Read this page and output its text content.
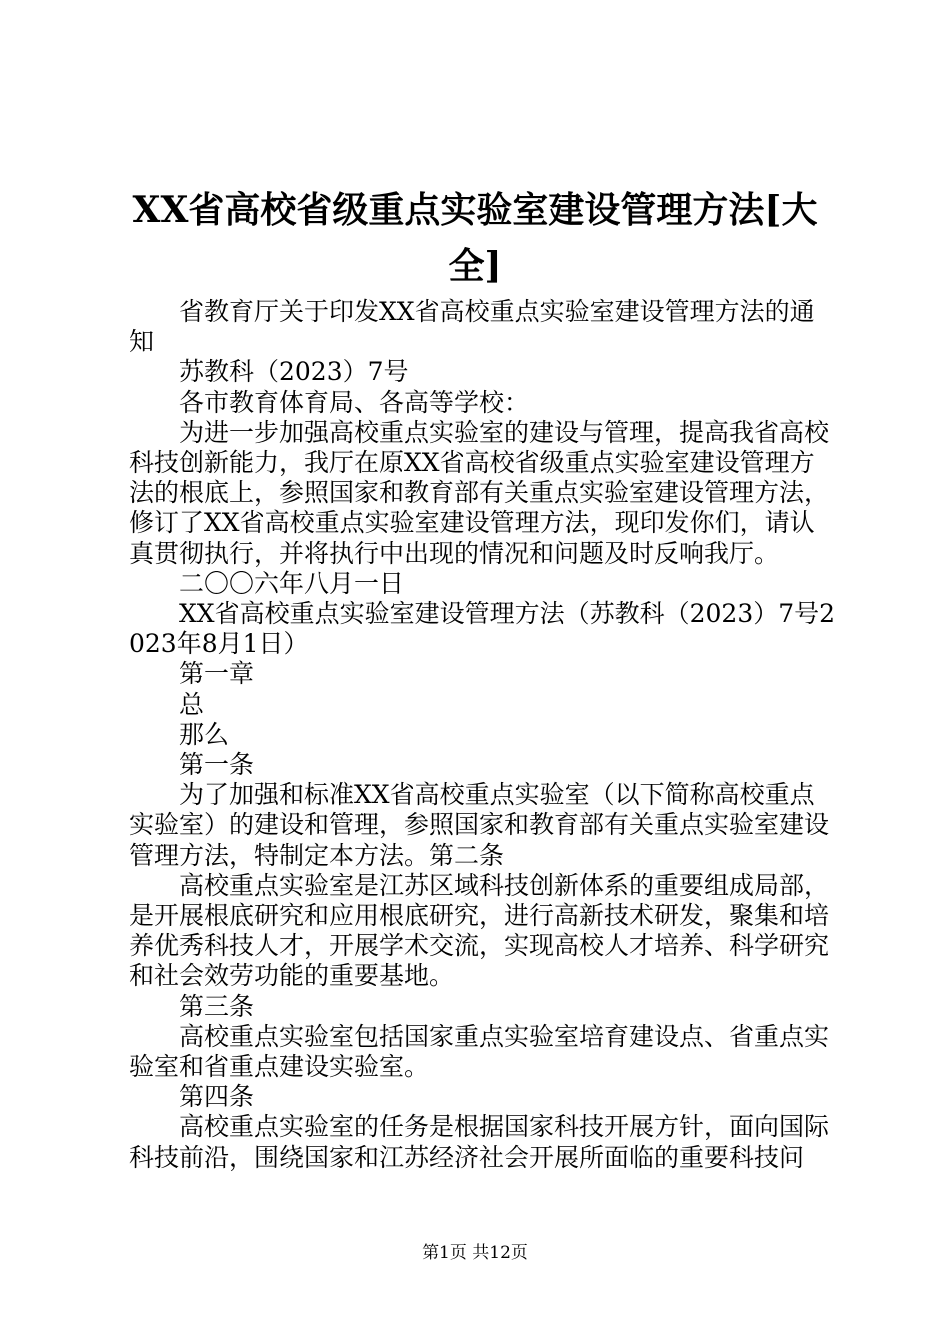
XX省高校省级重点实验室建设管理方法[大
全]

省教育厅关于印发XX省高校重点实验室建设管理方法的通知

苏教科（2023）7号

各市教育体育局、各高等学校：

为进一步加强高校重点实验室的建设与管理，提高我省高校科技创新能力，我厅在原XX省高校省级重点实验室建设管理方法的根底上，参照国家和教育部有关重点实验室建设管理方法，修订了XX省高校重点实验室建设管理方法，现印发你们，请认真贯彻执行，并将执行中出现的情况和问题及时反响我厅。

二〇〇六年八月一日

XX省高校重点实验室建设管理方法（苏教科（2023）7号2023年8月1日）

第一章

总

那么

第一条

为了加强和标准XX省高校重点实验室（以下简称高校重点实验室）的建设和管理，参照国家和教育部有关重点实验室建设管理方法，特制定本方法。第二条

高校重点实验室是江苏区域科技创新体系的重要组成局部，是开展根底研究和应用根底研究，进行高新技术研发，聚集和培养优秀科技人才，开展学术交流，实现高校人才培养、科学研究和社会效劳功能的重要基地。

第三条

高校重点实验室包括国家重点实验室培育建设点、省重点实验室和省重点建设实验室。

第四条

高校重点实验室的任务是根据国家科技开展方针，面向国际科技前沿，围绕国家和江苏经济社会开展所面临的重要科技问

第1页 共12页
